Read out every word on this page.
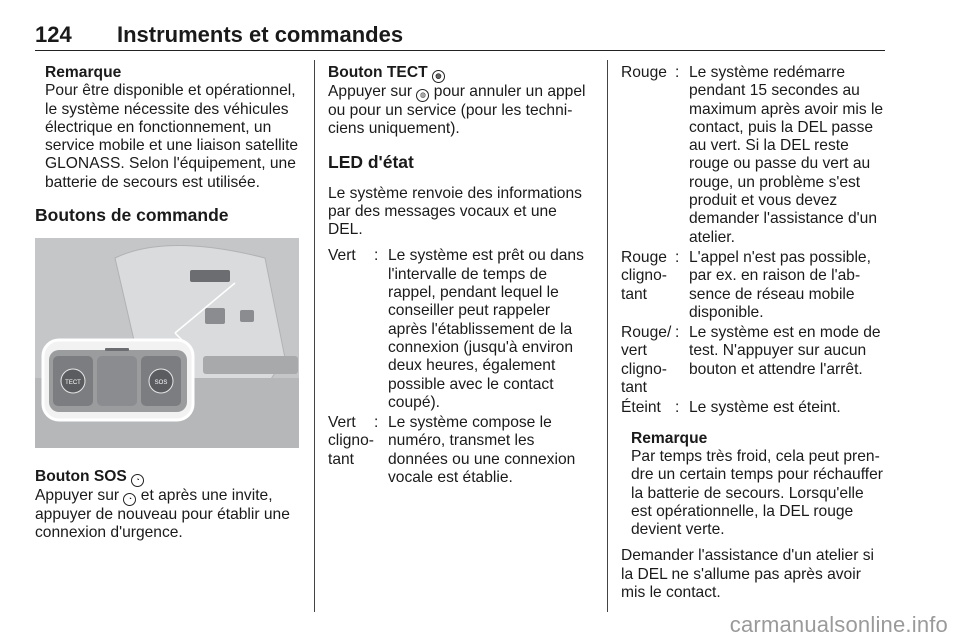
124 Instruments et commandes
Remarque
Pour être disponible et opérationnel, le système nécessite des véhicules électrique en fonctionnement, un service mobile et une liaison satellite GLONASS. Selon l'équipement, une batterie de secours est utilisée.
Boutons de commande
TECT	SOS
Bouton SOS ◔

Appuyer sur ◔ et après une invite, appuyer de nouveau pour établir une connexion d'urgence.

Bouton TECT ◍

Appuyer sur ◍ pour annuler un appel ou pour un service (pour les techniciens uniquement).

LED d'état

Le système renvoie des informations par des messages vocaux et une DEL.

Vert	:	Le système est prêt ou dans l'intervalle de temps de rappel, pendant lequel le conseiller peut rappeler après l'établissement de la connexion (jusqu'à environ deux heures, également possible avec le contact coupé).
Vert clignotant	:	Le système compose le numéro, transmet les données ou une connexion vocale est établie.
Rouge	:	Le système redémarre pendant 15 secondes au maximum après avoir mis le contact, puis la DEL passe au vert. Si la DEL reste rouge ou passe du vert au rouge, un problème s'est produit et vous devez demander l'assistance d'un atelier.
Rouge clignotant	:	L'appel n'est pas possible, par ex. en raison de l'absence de réseau mobile disponible.
Rouge/ vert clignotant	:	Le système est en mode de test. N'appuyer sur aucun bouton et attendre l'arrêt.
Éteint	:	Le système est éteint.
Remarque
Par temps très froid, cela peut prendre un certain temps pour réchauffer la batterie de secours. Lorsqu'elle est opérationnelle, la DEL rouge devient verte.

Demander l'assistance d'un atelier si la DEL ne s'allume pas après avoir mis le contact.

carmanualsonline.info
